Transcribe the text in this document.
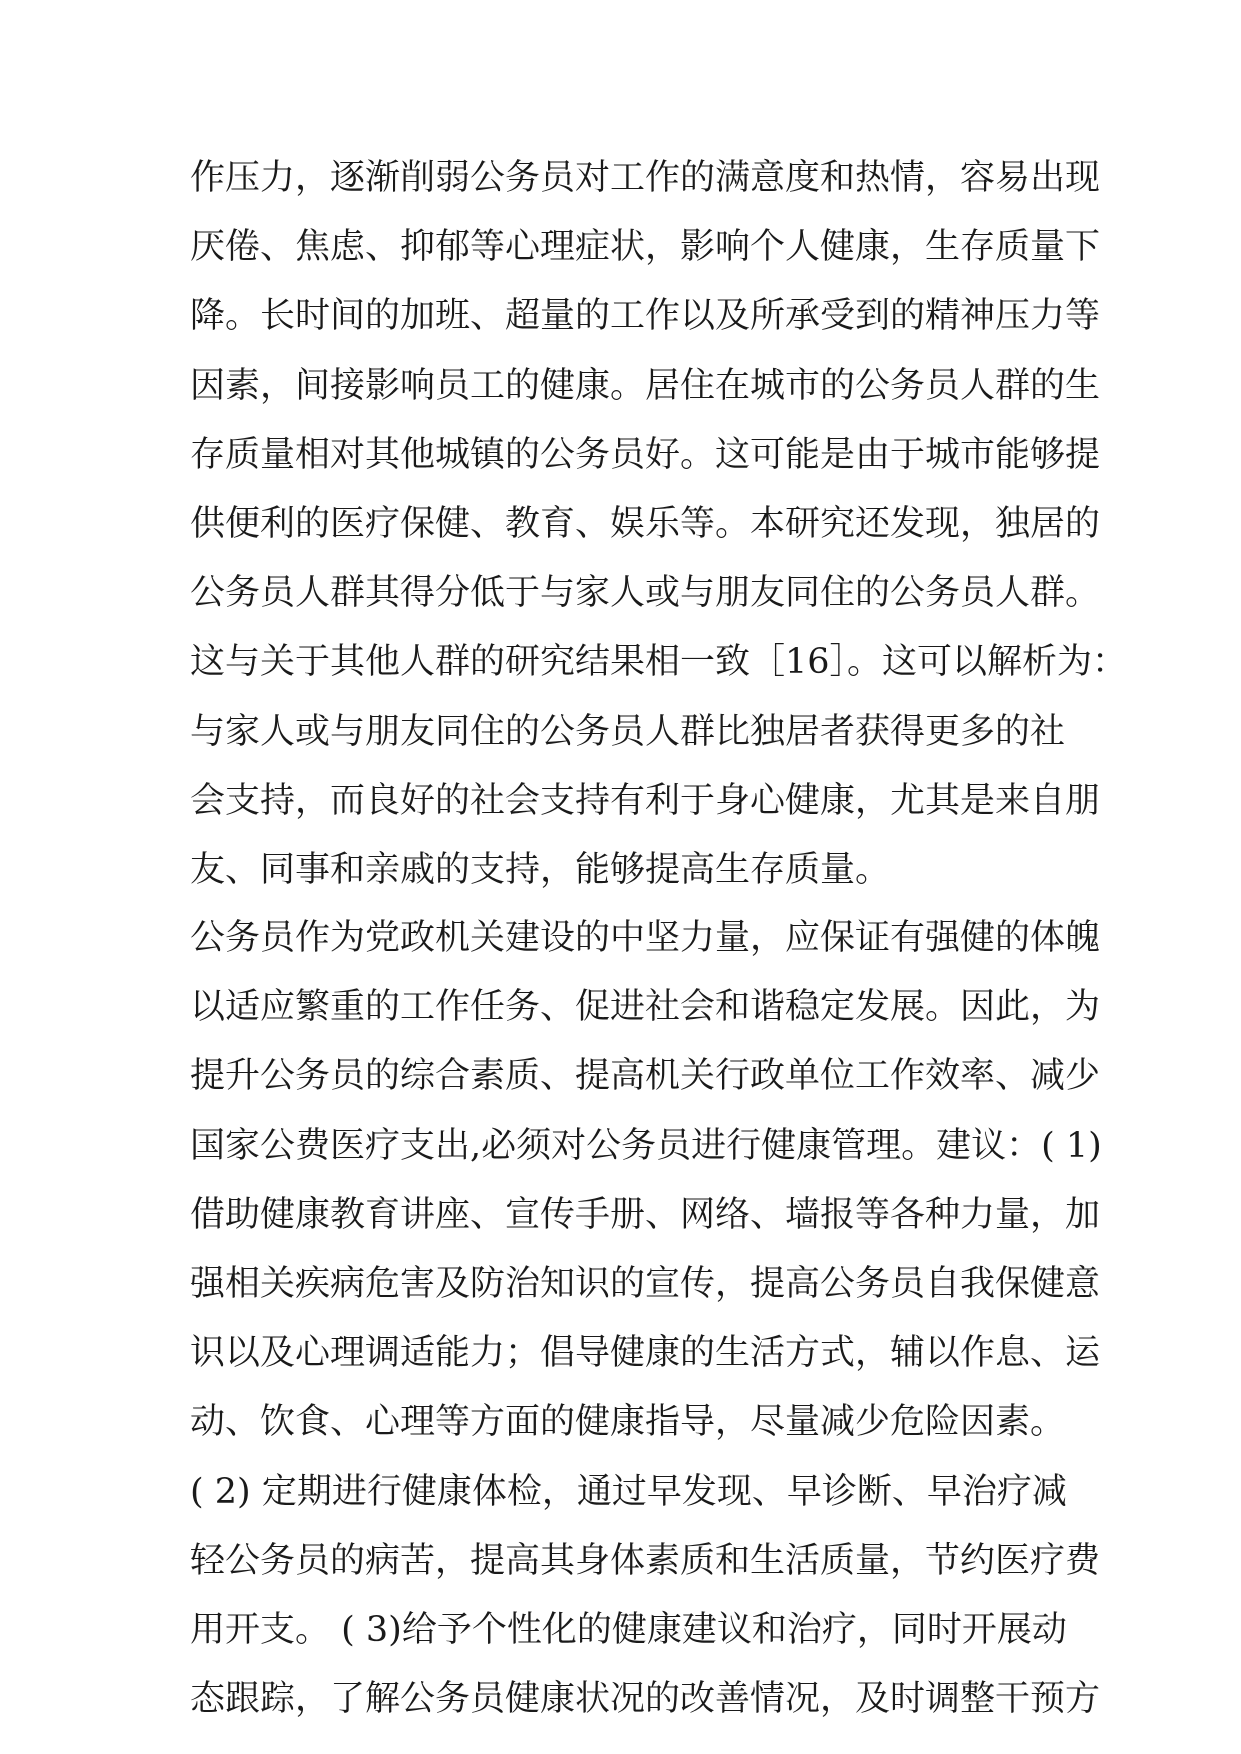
作压力，逐渐削弱公务员对工作的满意度和热情，容易出现
厌倦、焦虑、抑郁等心理症状，影响个人健康，生存质量下
降。长时间的加班、超量的工作以及所承受到的精神压力等
因素，间接影响员工的健康。居住在城市的公务员人群的生
存质量相对其他城镇的公务员好。这可能是由于城市能够提
供便利的医疗保健、教育、娱乐等。本研究还发现，独居的
公务员人群其得分低于与家人或与朋友同住的公务员人群。
这与关于其他人群的研究结果相一致［16］。这可以解析为：
与家人或与朋友同住的公务员人群比独居者获得更多的社
会支持，而良好的社会支持有利于身心健康，尤其是来自朋
友、同事和亲戚的支持，能够提高生存质量。
公务员作为党政机关建设的中坚力量，应保证有强健的体魄
以适应繁重的工作任务、促进社会和谐稳定发展。因此，为
提升公务员的综合素质、提高机关行政单位工作效率、减少
国家公费医疗支出,必须对公务员进行健康管理。建议：( 1)
借助健康教育讲座、宣传手册、网络、墙报等各种力量，加
强相关疾病危害及防治知识的宣传，提高公务员自我保健意
识以及心理调适能力；倡导健康的生活方式，辅以作息、运
动、饮食、心理等方面的健康指导，尽量减少危险因素。
( 2) 定期进行健康体检，通过早发现、早诊断、早治疗减
轻公务员的病苦，提高其身体素质和生活质量，节约医疗费
用开支。 ( 3)给予个性化的健康建议和治疗，同时开展动
态跟踪，了解公务员健康状况的改善情况，及时调整干预方
